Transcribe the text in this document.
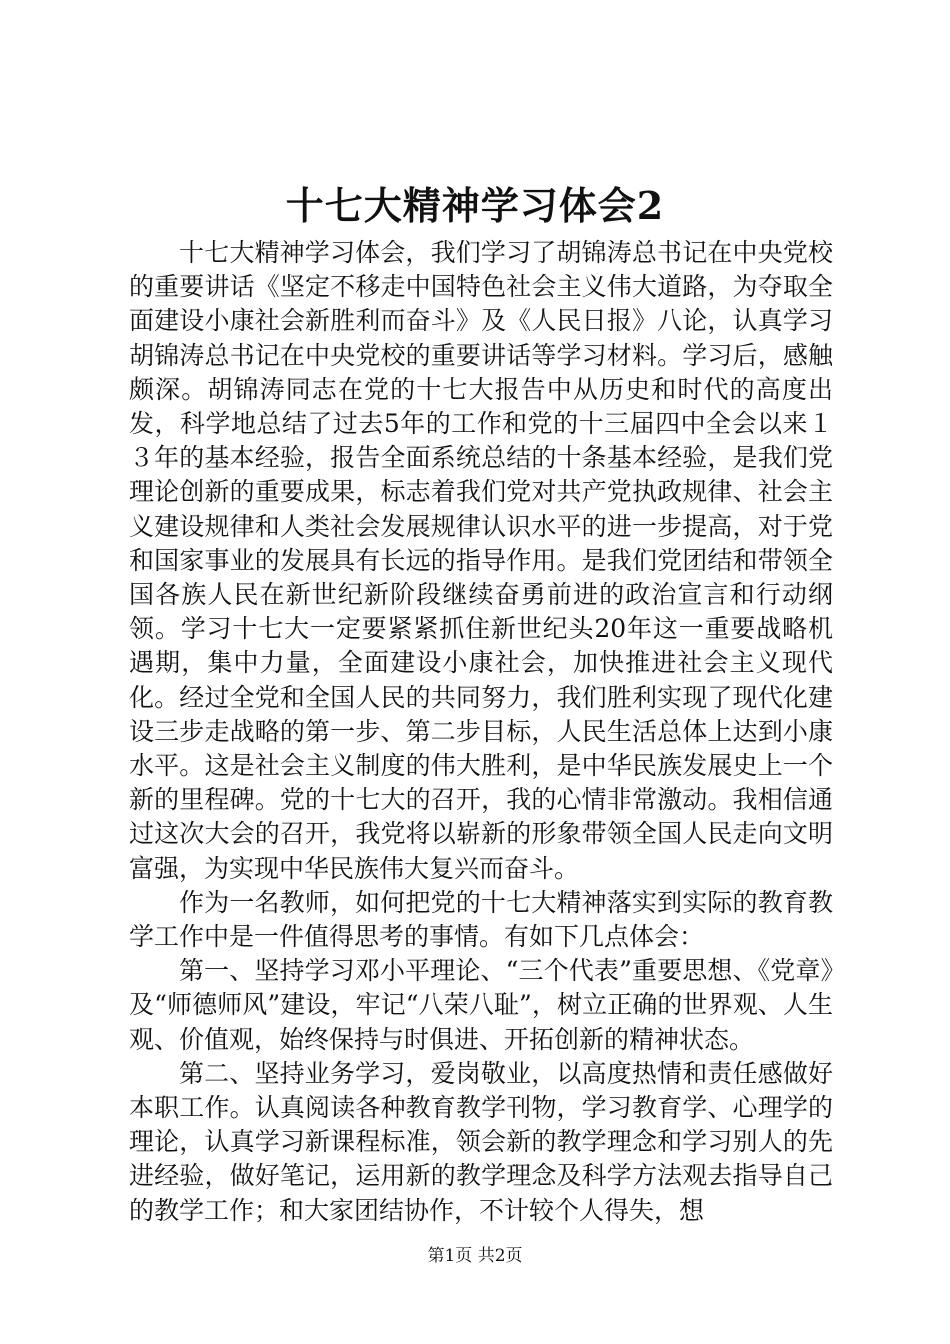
十七大精神学习体会2

十七大精神学习体会，我们学习了胡锦涛总书记在中央党校的重要讲话《坚定不移走中国特色社会主义伟大道路，为夺取全面建设小康社会新胜利而奋斗》及《人民日报》八论，认真学习胡锦涛总书记在中央党校的重要讲话等学习材料。学习后，感触颇深。胡锦涛同志在党的十七大报告中从历史和时代的高度出发，科学地总结了过去5年的工作和党的十三届四中全会以来１３年的基本经验，报告全面系统总结的十条基本经验，是我们党理论创新的重要成果，标志着我们党对共产党执政规律、社会主义建设规律和人类社会发展规律认识水平的进一步提高，对于党和国家事业的发展具有长远的指导作用。是我们党团结和带领全国各族人民在新世纪新阶段继续奋勇前进的政治宣言和行动纲领。学习十七大一定要紧紧抓住新世纪头20年这一重要战略机遇期，集中力量，全面建设小康社会，加快推进社会主义现代化。经过全党和全国人民的共同努力，我们胜利实现了现代化建设三步走战略的第一步、第二步目标，人民生活总体上达到小康水平。这是社会主义制度的伟大胜利，是中华民族发展史上一个新的里程碑。党的十七大的召开，我的心情非常激动。我相信通过这次大会的召开，我党将以崭新的形象带领全国人民走向文明富强，为实现中华民族伟大复兴而奋斗。

作为一名教师，如何把党的十七大精神落实到实际的教育教学工作中是一件值得思考的事情。有如下几点体会：

第一、坚持学习邓小平理论、“三个代表”重要思想、《党章》及“师德师风”建设，牢记“八荣八耻”，树立正确的世界观、人生观、价值观，始终保持与时俱进、开拓创新的精神状态。

第二、坚持业务学习，爱岗敬业，以高度热情和责任感做好本职工作。认真阅读各种教育教学刊物，学习教育学、心理学的理论，认真学习新课程标准，领会新的教学理念和学习别人的先进经验，做好笔记，运用新的教学理念及科学方法观去指导自己的教学工作；和大家团结协作，不计较个人得失，想

第1页 共2页
